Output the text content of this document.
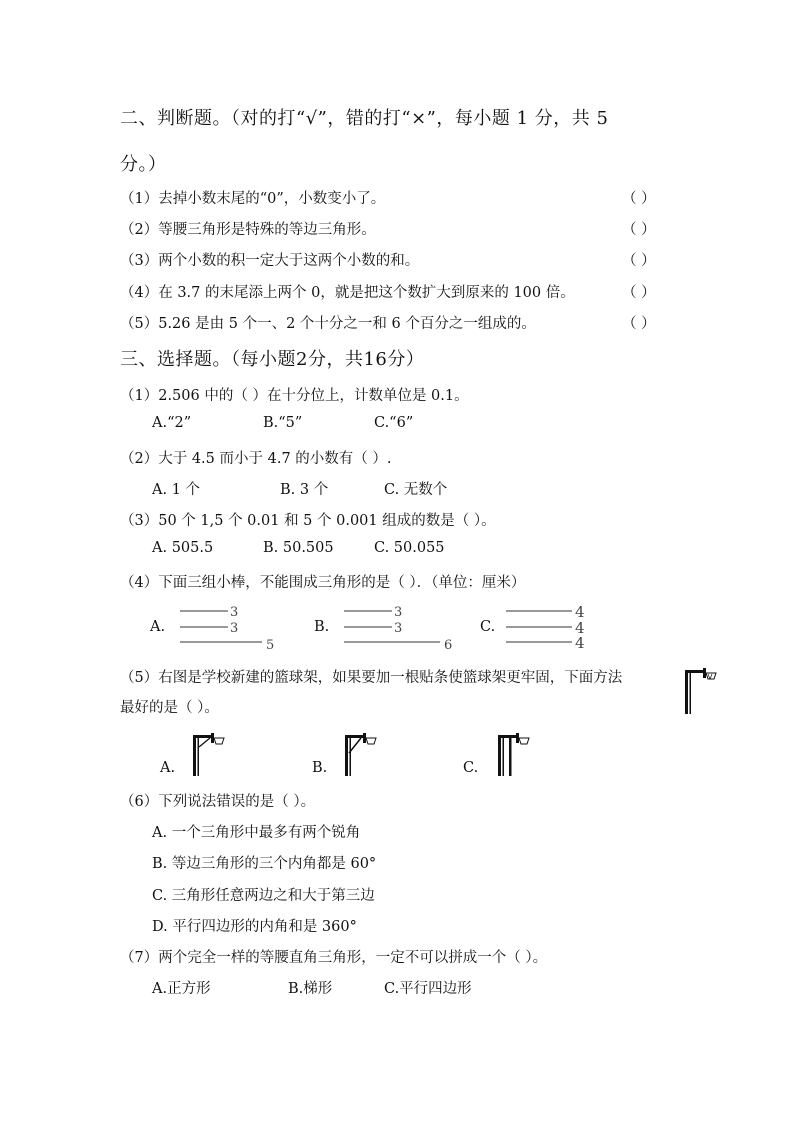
二、判断题。（对的打“√”，错的打“×”，每小题 1 分，共 5
分。）
（1）去掉小数末尾的“0”，小数变小了。	（ ）
（2）等腰三角形是特殊的等边三角形。	（ ）
（3）两个小数的积一定大于这两个小数的和。	（ ）
（4）在 3.7 的末尾添上两个 0，就是把这个数扩大到原来的 100 倍。	（ ）
（5）5.26 是由 5 个一、2 个十分之一和 6 个百分之一组成的。	（ ）
三、选择题。（每小题2分，共16分）
（1）2.506 中的（ ）在十分位上，计数单位是 0.1。
A.“2”	B.“5”	C.“6”
（2）大于 4.5 而小于 4.7 的小数有（ ）.
A. 1 个	B. 3 个	C. 无数个
（3）50 个 1,5 个 0.01 和 5 个 0.001 组成的数是（ ）。
A. 505.5	B. 50.505	C. 50.055
（4）下面三组小棒，不能围成三角形的是（ ）．（单位：厘米）
A.	B.	C.
3
3
5
3
3
6
4
4
4
（5）右图是学校新建的篮球架，如果要加一根贴条使篮球架更牢固，下面方法
最好的是（ ）。
A.	B.	C.
（6）下列说法错误的是（ ）。
A. 一个三角形中最多有两个锐角
B. 等边三角形的三个内角都是 60°
C. 三角形任意两边之和大于第三边
D. 平行四边形的内角和是 360°
（7）两个完全一样的等腰直角三角形，一定不可以拼成一个（ ）。
A.正方形	B.梯形	C.平行四边形
